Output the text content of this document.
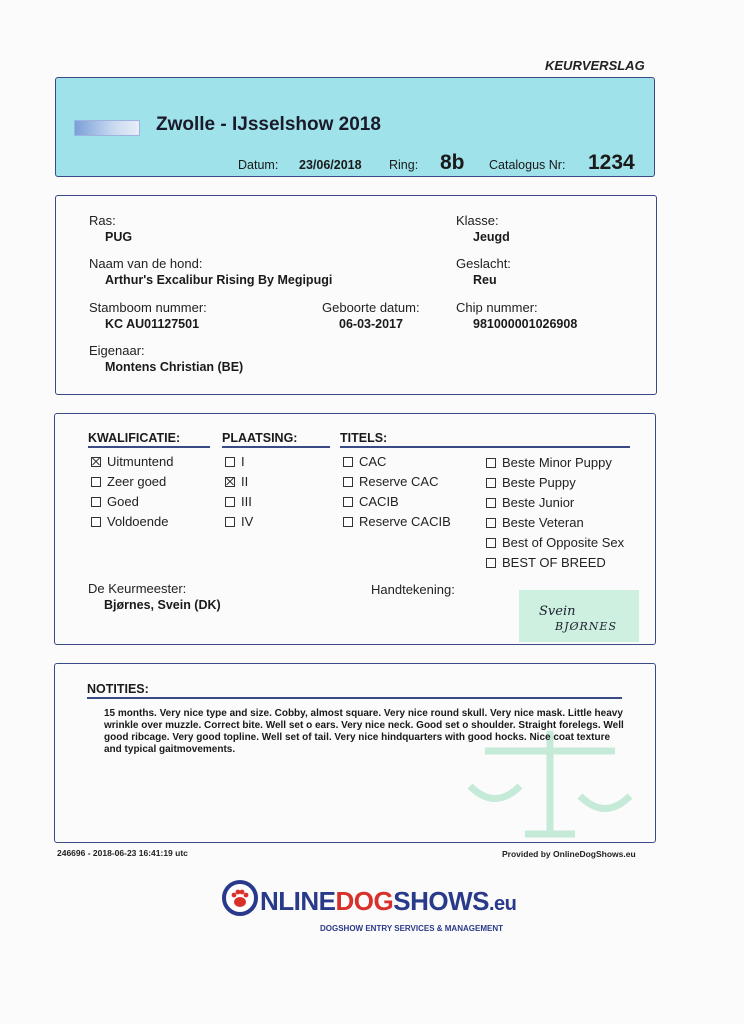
KEURVERSLAG
Zwolle - IJsselshow 2018
Datum: 23/06/2018 Ring: 8b Catalogus Nr: 1234
Ras:
PUG
Klasse:
Jeugd
Naam van de hond:
Arthur's Excalibur Rising By Megipugi
Geslacht:
Reu
Stamboom nummer:
KC AU01127501
Geboorte datum:
06-03-2017
Chip nummer:
981000001026908
Eigenaar:
Montens Christian (BE)
KWALIFICATIE:	PLAATSING:	TITELS:
Uitmuntend
Zeer goed
Goed
Voldoende
I
II
III
IV
CAC
Reserve CAC
CACIB
Reserve CACIB
Beste Minor Puppy
Beste Puppy
Beste Junior
Beste Veteran
Best of Opposite Sex
BEST OF BREED
De Keurmeester:
Bjørnes, Svein (DK)
Handtekening:
Svein
BJØRNES
NOTITIES:
15 months. Very nice type and size. Cobby, almost square. Very nice round skull. Very nice mask. Little heavy wrinkle over muzzle. Correct bite. Well set o ears. Very nice neck. Good set o shoulder. Straight forelegs. Well good ribcage. Very good topline. Well set of tail. Very nice hindquarters with good hocks. Nice coat texture and typical gaitmovements.
246696 - 2018-06-23 16:41:19 utc	Provided by OnlineDogShows.eu
NLINEDOGSHOWS.eu
DOGSHOW ENTRY SERVICES & MANAGEMENT
